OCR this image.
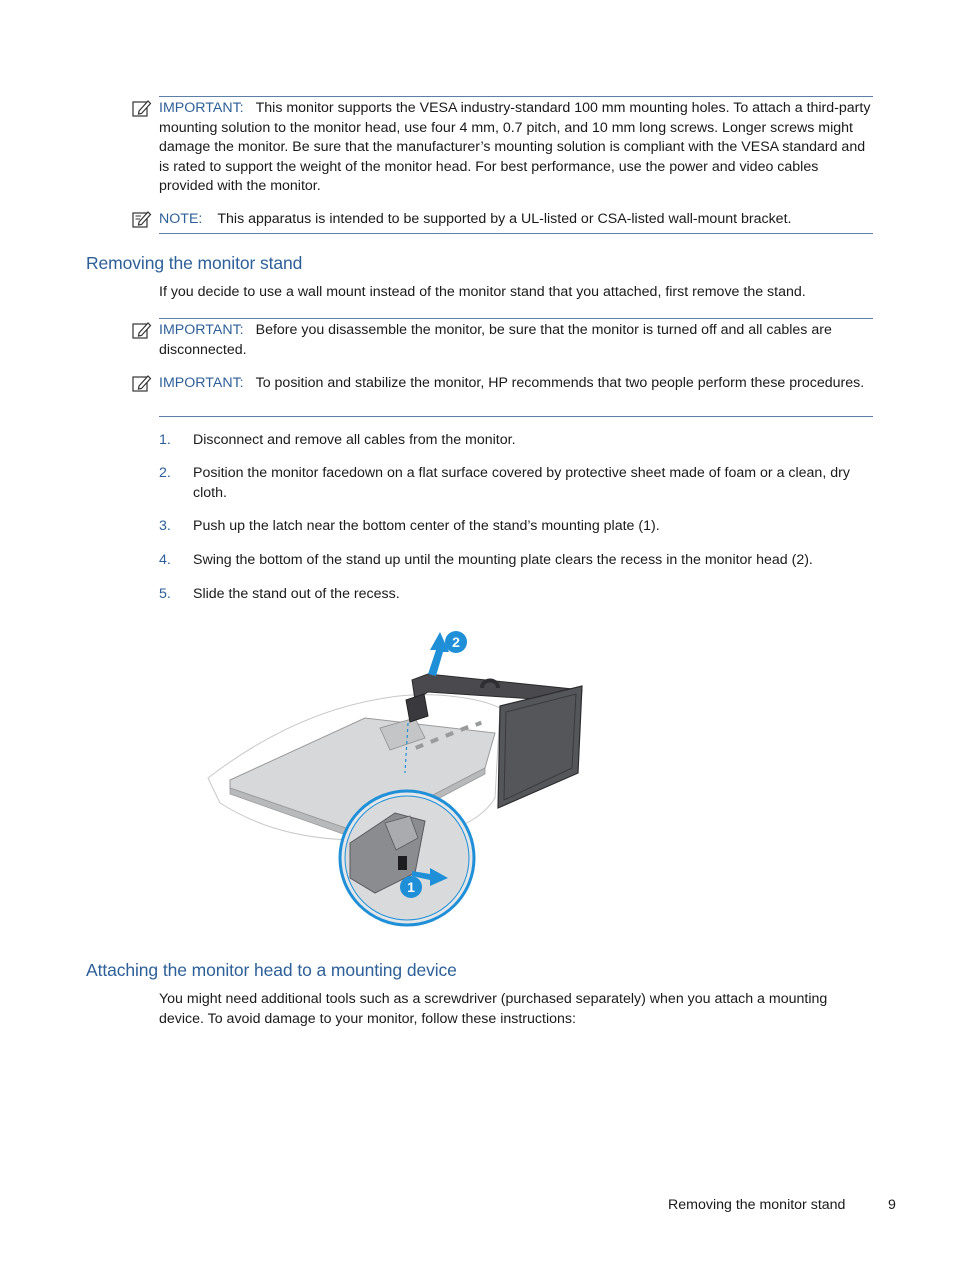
IMPORTANT: This monitor supports the VESA industry-standard 100 mm mounting holes. To attach a third-party mounting solution to the monitor head, use four 4 mm, 0.7 pitch, and 10 mm long screws. Longer screws might damage the monitor. Be sure that the manufacturer’s mounting solution is compliant with the VESA standard and is rated to support the weight of the monitor head. For best performance, use the power and video cables provided with the monitor.
NOTE: This apparatus is intended to be supported by a UL-listed or CSA-listed wall-mount bracket.
Removing the monitor stand
If you decide to use a wall mount instead of the monitor stand that you attached, first remove the stand.
IMPORTANT: Before you disassemble the monitor, be sure that the monitor is turned off and all cables are disconnected.
IMPORTANT: To position and stabilize the monitor, HP recommends that two people perform these procedures.
1. Disconnect and remove all cables from the monitor.
2. Position the monitor facedown on a flat surface covered by protective sheet made of foam or a clean, dry cloth.
3. Push up the latch near the bottom center of the stand’s mounting plate (1).
4. Swing the bottom of the stand up until the mounting plate clears the recess in the monitor head (2).
5. Slide the stand out of the recess.
2
1
Attaching the monitor head to a mounting device
You might need additional tools such as a screwdriver (purchased separately) when you attach a mounting device. To avoid damage to your monitor, follow these instructions:
Removing the monitor stand	9
